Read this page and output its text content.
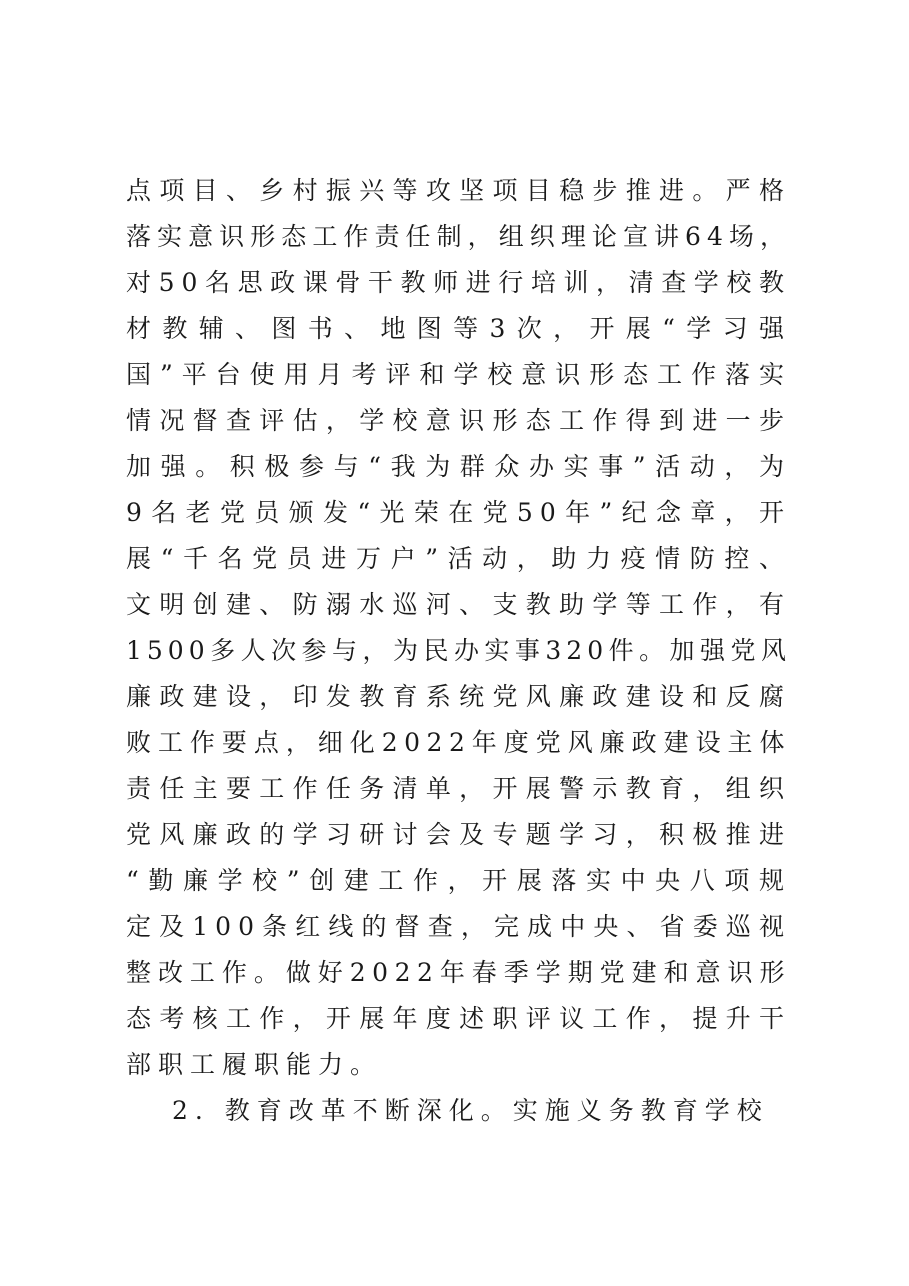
点项目、乡村振兴等攻坚项目稳步推进。严格
落实意识形态工作责任制，组织理论宣讲64场，
对50名思政课骨干教师进行培训，清查学校教
材教辅、图书、地图等3次，开展“学习强
国”平台使用月考评和学校意识形态工作落实
情况督查评估，学校意识形态工作得到进一步
加强。积极参与“我为群众办实事”活动，为
9名老党员颁发“光荣在党50年”纪念章，开
展“千名党员进万户”活动，助力疫情防控、
文明创建、防溺水巡河、支教助学等工作，有
1500多人次参与，为民办实事320件。加强党风
廉政建设，印发教育系统党风廉政建设和反腐
败工作要点，细化2022年度党风廉政建设主体
责任主要工作任务清单，开展警示教育，组织
党风廉政的学习研讨会及专题学习，积极推进
“勤廉学校”创建工作，开展落实中央八项规
定及100条红线的督查，完成中央、省委巡视
整改工作。做好2022年春季学期党建和意识形
态考核工作，开展年度述职评议工作，提升干
部职工履职能力。
2. 教育改革不断深化。实施义务教育学校
